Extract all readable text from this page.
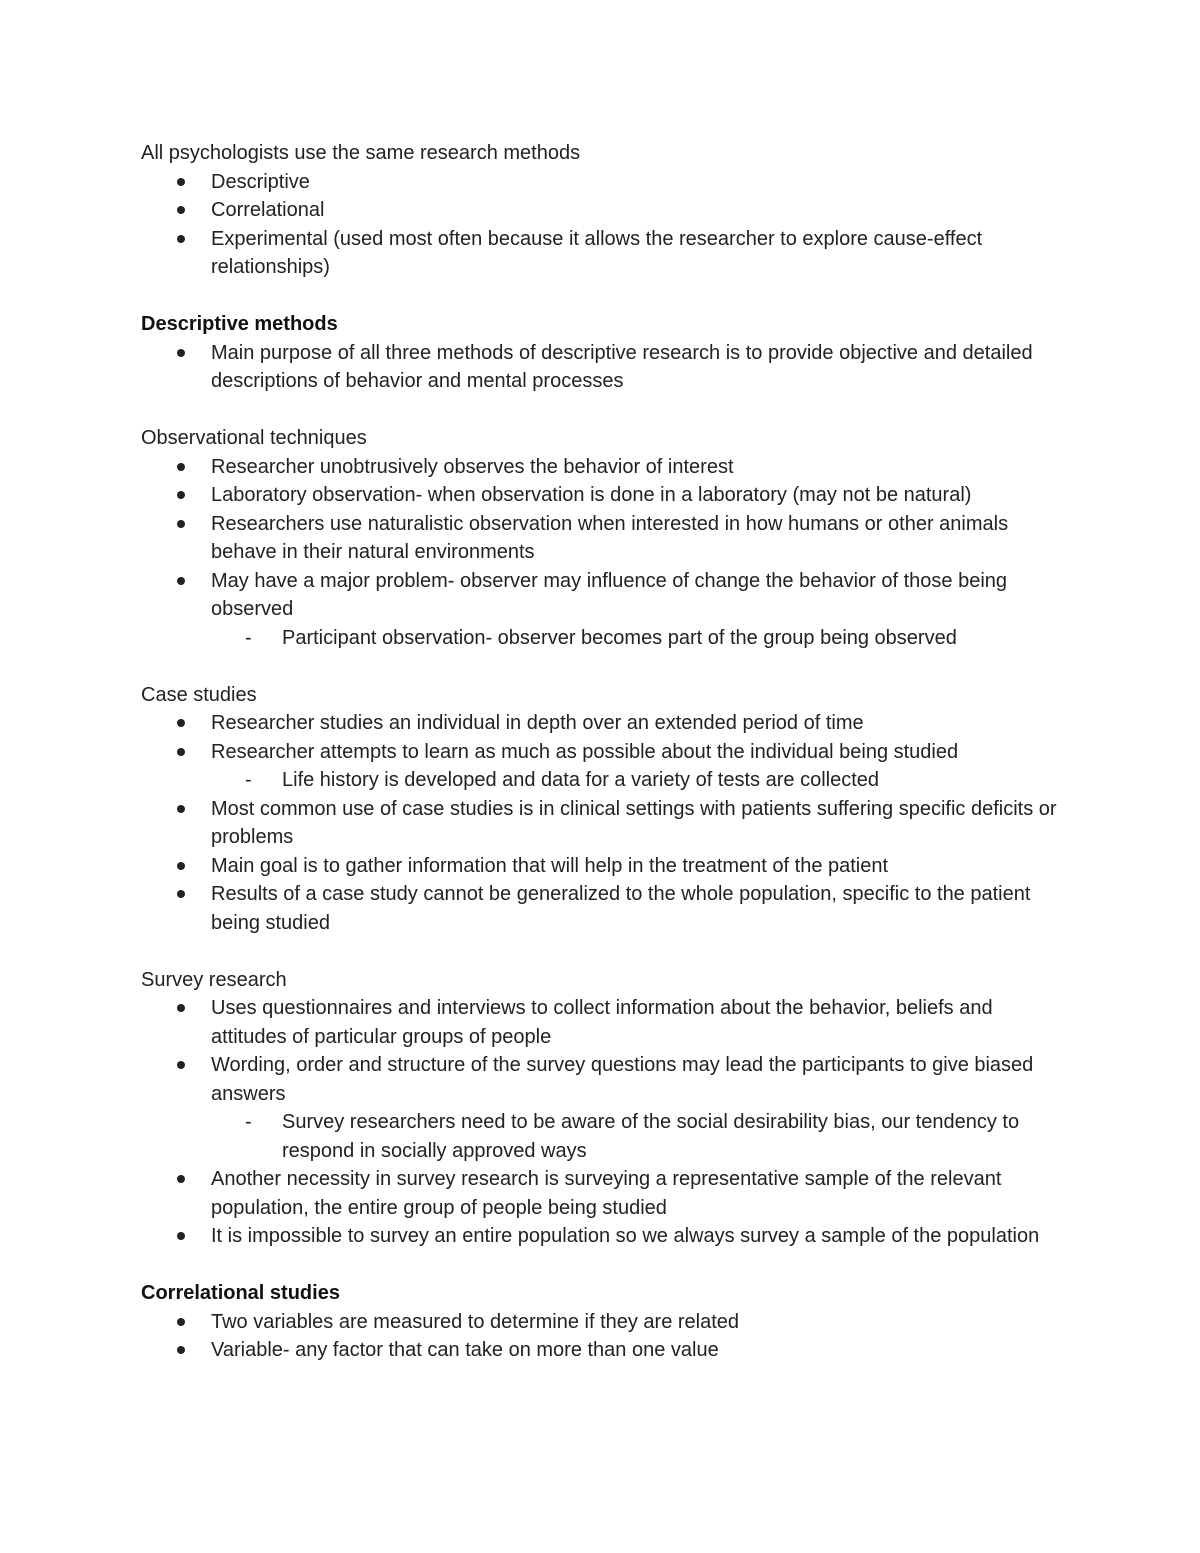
All psychologists use the same research methods

Descriptive
Correlational
Experimental (used most often because it allows the researcher to explore cause-effect relationships)
Descriptive methods
Main purpose of all three methods of descriptive research is to provide objective and detailed descriptions of behavior and mental processes

Observational techniques

Researcher unobtrusively observes the behavior of interest
Laboratory observation- when observation is done in a laboratory (may not be natural)
Researchers use naturalistic observation when interested in how humans or other animals behave in their natural environments
May have a major problem- observer may influence of change the behavior of those being observed
- Participant observation- observer becomes part of the group being observed

Case studies

Researcher studies an individual in depth over an extended period of time
Researcher attempts to learn as much as possible about the individual being studied
- Life history is developed and data for a variety of tests are collected
Most common use of case studies is in clinical settings with patients suffering specific deficits or problems
Main goal is to gather information that will help in the treatment of the patient
Results of a case study cannot be generalized to the whole population, specific to the patient being studied

Survey research

Uses questionnaires and interviews to collect information about the behavior, beliefs and attitudes of particular groups of people
Wording, order and structure of the survey questions may lead the participants to give biased answers
- Survey researchers need to be aware of the social desirability bias, our tendency to respond in socially approved ways
Another necessity in survey research is surveying a representative sample of the relevant population, the entire group of people being studied
It is impossible to survey an entire population so we always survey a sample of the population
Correlational studies
Two variables are measured to determine if they are related
Variable- any factor that can take on more than one value
